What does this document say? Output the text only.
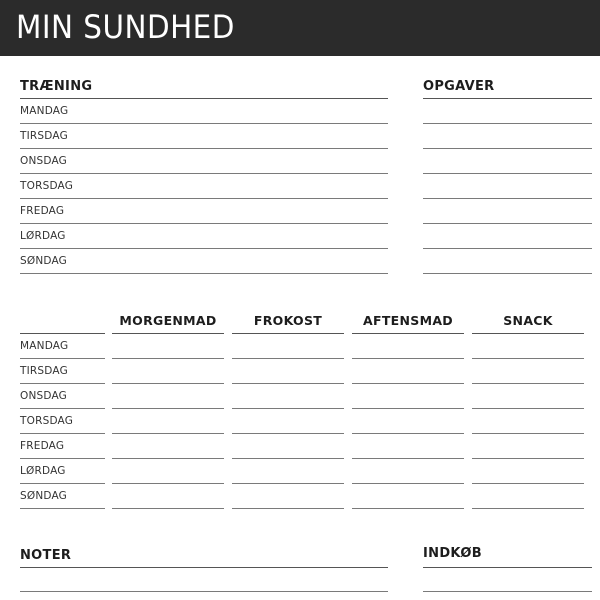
MIN SUNDHED
TRÆNING
MANDAG
TIRSDAG
ONSDAG
TORSDAG
FREDAG
LØRDAG
SØNDAG
OPGAVER
MORGENMAD	FROKOST	AFTENSMAD	SNACK
MANDAG
TIRSDAG
ONSDAG
TORSDAG
FREDAG
LØRDAG
SØNDAG
NOTER	INDKØB
